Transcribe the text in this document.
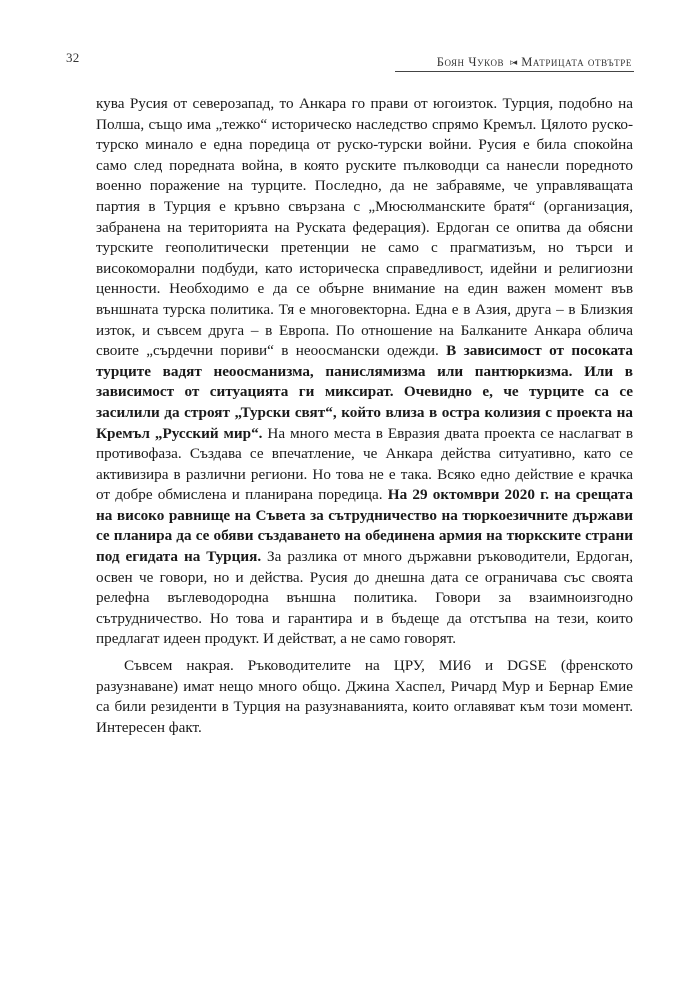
32	Боян Чуков ▹◂ Матрицата отвътре

кува Русия от северозапад, то Анкара го прави от югоизток. Турция, подобно на Полша, също има „тежко“ историческо наследство спрямо Кремъл. Цялото руско-турско минало е една поредица от руско-турски войни. Русия е била спокойна само след поредната война, в която руските пълководци са нанесли поредното военно поражение на турците. Последно, да не забравяме, че управляващата партия в Турция е кръвно свързана с „Мюсюлманските братя“ (организация, забранена на територията на Руската федерация). Ердоган се опитва да обясни турските геополитически претенции не само с прагматизъм, но търси и високоморални подбуди, като историческа справедливост, идейни и религиозни ценности. Необходимо е да се обърне внимание на един важен момент във външната турска политика. Тя е многовекторна. Една е в Азия, друга – в Близкия изток, и съвсем друга – в Европа. По отношение на Балканите Анкара облича своите „сърдечни пориви“ в неоосмански одежди. В зависимост от посоката турците вадят неоосманизма, панислямизма или пантюркизма. Или в зависимост от ситуацията ги миксират. Очевидно е, че турците са се засилили да строят „Турски свят“, който влиза в остра колизия с проекта на Кремъл „Русский мир“. На много места в Евразия двата проекта се наслагват в противофаза. Създава се впечатление, че Анкара действа ситуативно, като се активизира в различни региони. Но това не е така. Всяко едно действие е крачка от добре обмислена и планирана поредица. На 29 октомври 2020 г. на срещата на високо равнище на Съвета за сътрудничество на тюркоезичните държави се планира да се обяви създаването на обединена армия на тюркските страни под егидата на Турция. За разлика от много държавни ръководители, Ердоган, освен че говори, но и действа. Русия до днешна дата се ограничава със своята релефна въглеводородна външна политика. Говори за взаимноизгодно сътрудничество. Но това и гарантира и в бъдеще да отстъпва на тези, които предлагат идеен продукт. И действат, а не само говорят.

Съвсем накрая. Ръководителите на ЦРУ, МИ6 и DGSE (френското разузнаване) имат нещо много общо. Джина Хаспел, Ричард Мур и Бернар Емие са били резиденти в Турция на разузнаванията, които оглавяват към този момент. Интересен факт.
